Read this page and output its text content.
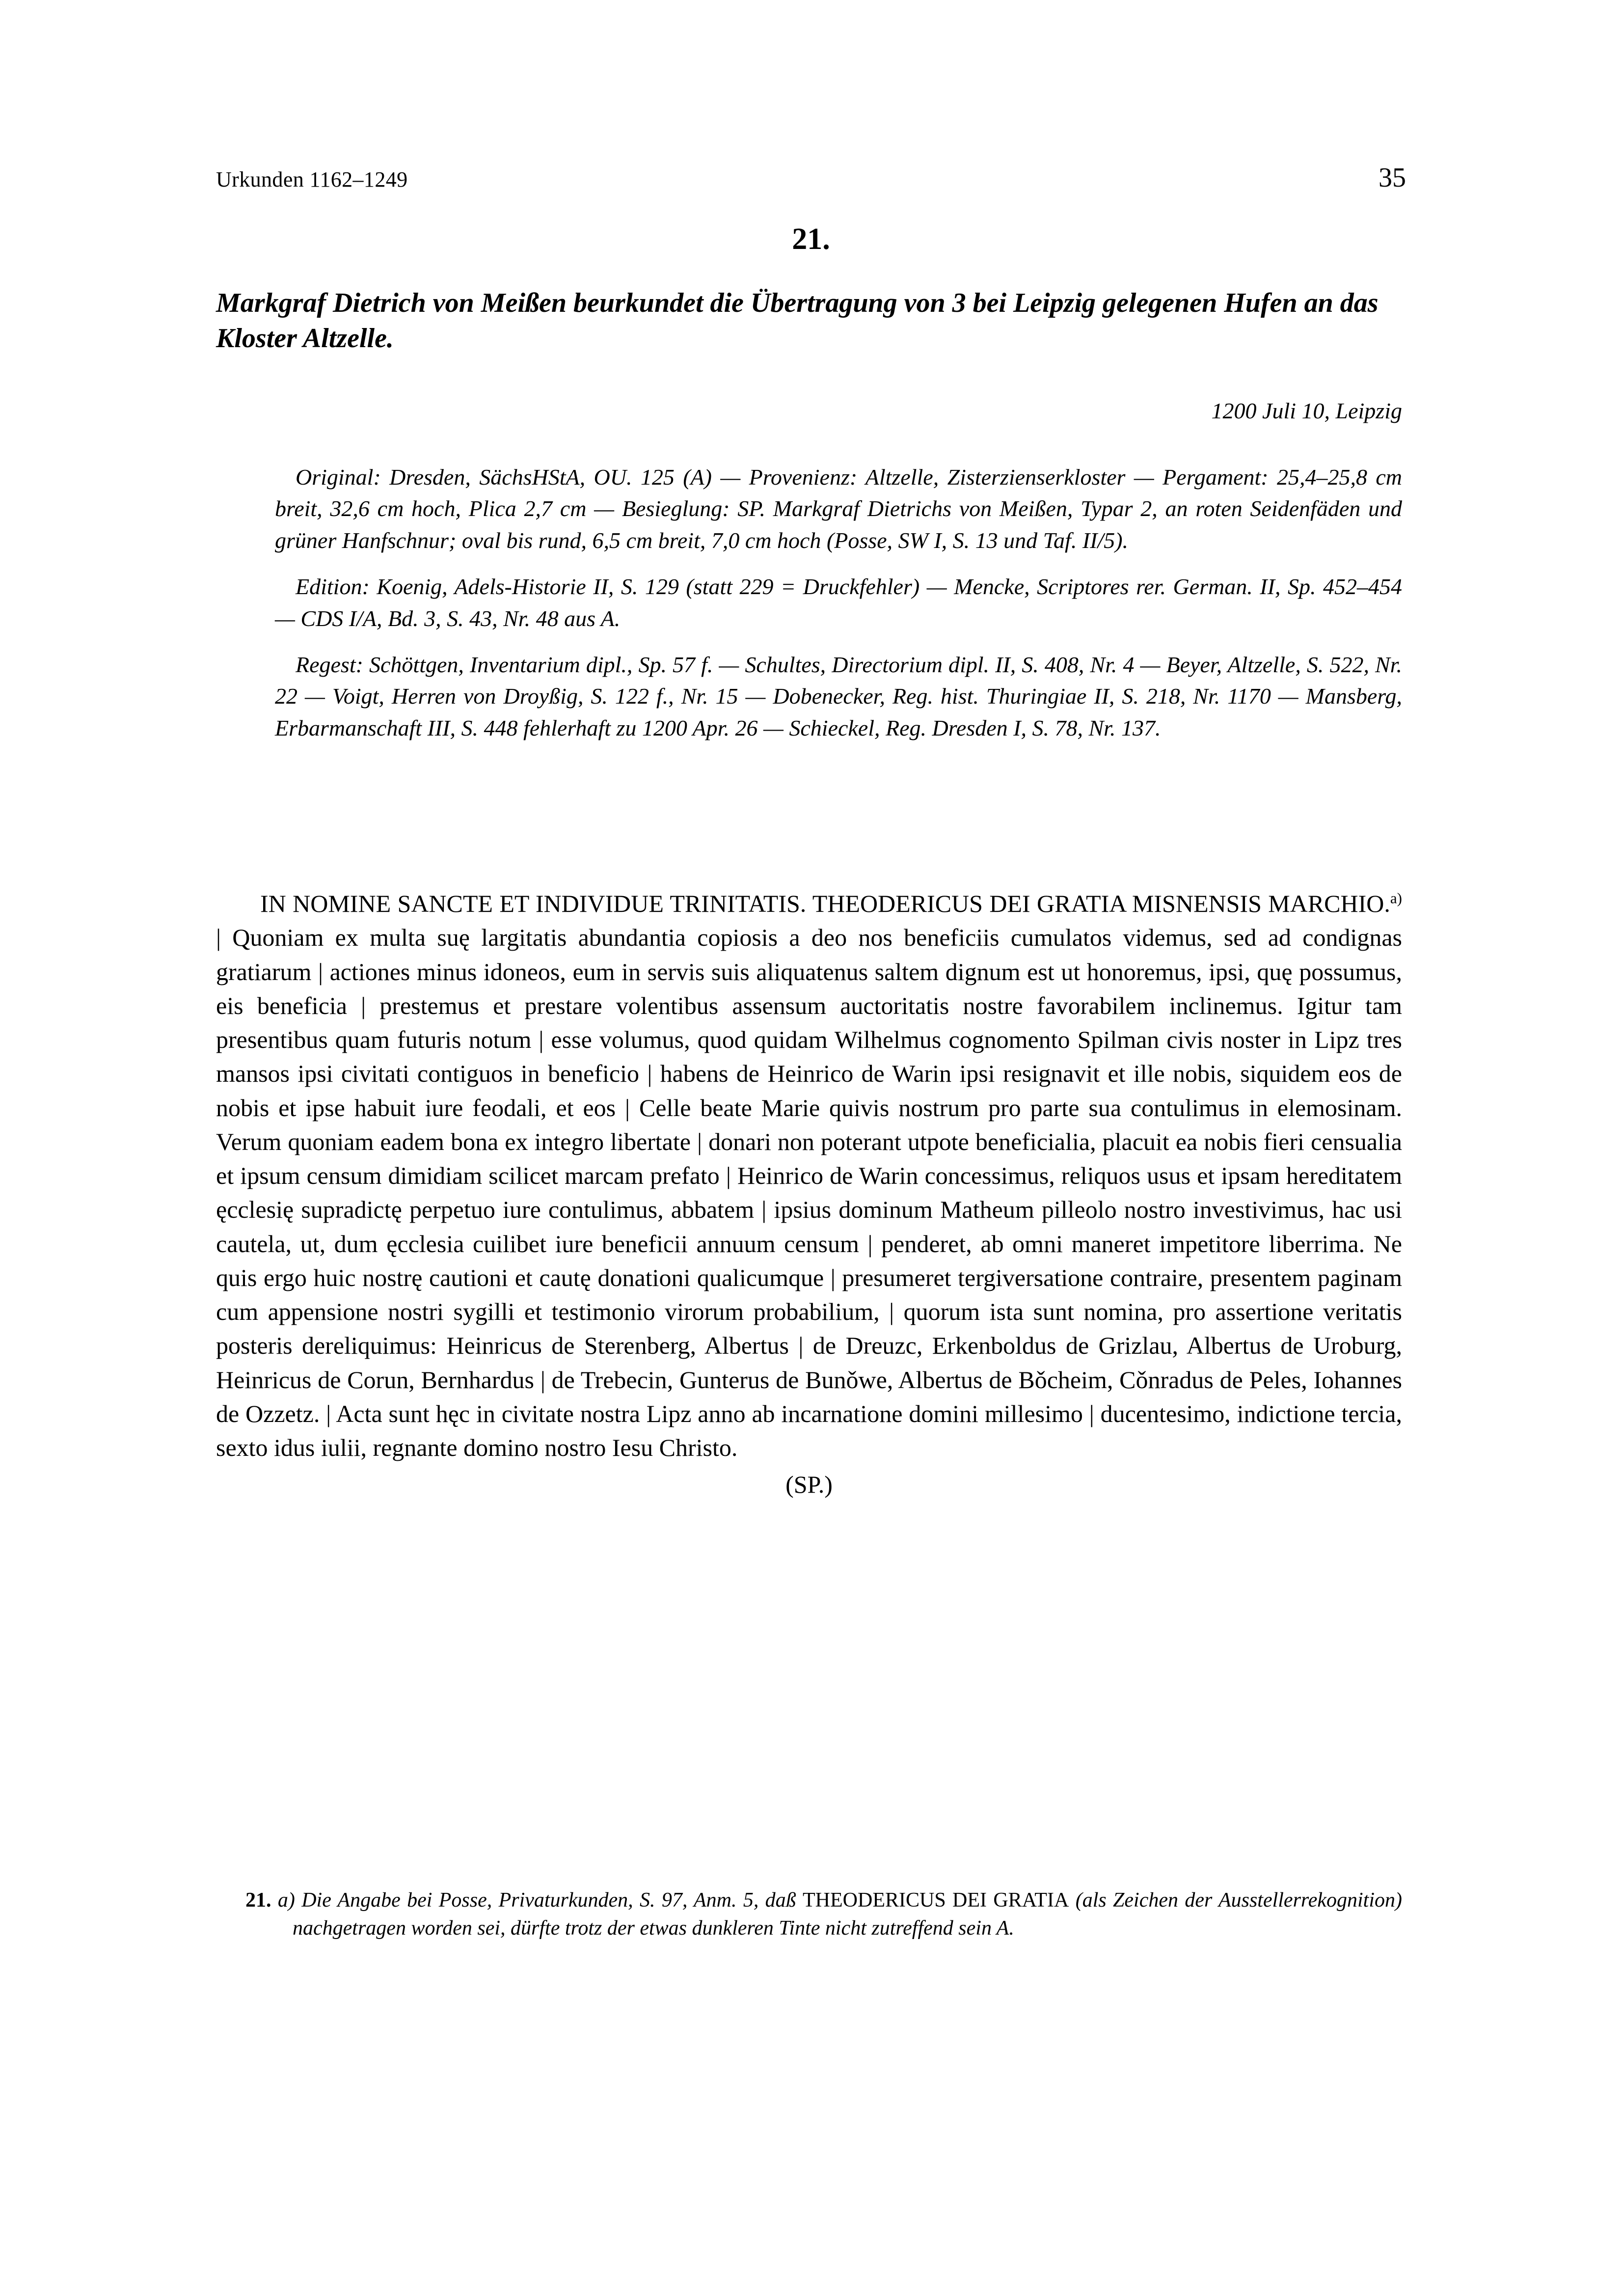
Urkunden 1162–1249	35
21.
Markgraf Dietrich von Meißen beurkundet die Übertragung von 3 bei Leipzig gelegenen Hufen an das Kloster Altzelle.
1200 Juli 10, Leipzig

Original: Dresden, SächsHStA, OU. 125 (A) — Provenienz: Altzelle, Zisterzienserkloster — Pergament: 25,4–25,8 cm breit, 32,6 cm hoch, Plica 2,7 cm — Besieglung: SP. Markgraf Dietrichs von Meißen, Typar 2, an roten Seidenfäden und grüner Hanfschnur; oval bis rund, 6,5 cm breit, 7,0 cm hoch (Posse, SW I, S. 13 und Taf. II/5).

Edition: Koenig, Adels-Historie II, S. 129 (statt 229 = Druckfehler) — Mencke, Scriptores rer. German. II, Sp. 452–454 — CDS I/A, Bd. 3, S. 43, Nr. 48 aus A.

Regest: Schöttgen, Inventarium dipl., Sp. 57 f. — Schultes, Directorium dipl. II, S. 408, Nr. 4 — Beyer, Altzelle, S. 522, Nr. 22 — Voigt, Herren von Droyßig, S. 122 f., Nr. 15 — Dobenecker, Reg. hist. Thuringiae II, S. 218, Nr. 1170 — Mansberg, Erbarmanschaft III, S. 448 fehlerhaft zu 1200 Apr. 26 — Schieckel, Reg. Dresden I, S. 78, Nr. 137.

IN NOMINE SANCTE ET INDIVIDUE TRINITATIS. THEODERICUS DEI GRATIA MISNENSIS MARCHIO.$^{a)}$ | Quoniam ex multa suę largitatis abundantia copiosis a deo nos beneficiis cumulatos videmus, sed ad condignas gratiarum | actiones minus idoneos, eum in servis suis aliquatenus saltem dignum est ut honoremus, ipsi, quę possumus, eis beneficia | prestemus et prestare volentibus assensum auctoritatis nostre favorabilem inclinemus. Igitur tam presentibus quam futuris notum | esse volumus, quod quidam Wilhelmus cognomento Spilman civis noster in Lipz tres mansos ipsi civitati contiguos in beneficio | habens de Heinrico de Warin ipsi resignavit et ille nobis, siquidem eos de nobis et ipse habuit iure feodali, et eos | Celle beate Marie quivis nostrum pro parte sua contulimus in elemosinam. Verum quoniam eadem bona ex integro libertate | donari non poterant utpote beneficialia, placuit ea nobis fieri censualia et ipsum censum dimidiam scilicet marcam prefato | Heinrico de Warin concessimus, reliquos usus et ipsam hereditatem ęcclesię supradictę perpetuo iure contulimus, abbatem | ipsius dominum Matheum pilleolo nostro investivimus, hac usi cautela, ut, dum ęcclesia cuilibet iure beneficii annuum censum | penderet, ab omni maneret impetitore liberrima. Ne quis ergo huic nostrę cautioni et cautę donationi qualicumque | presumeret tergiversatione contraire, presentem paginam cum appensione nostri sygilli et testimonio virorum probabilium, | quorum ista sunt nomina, pro assertione veritatis posteris dereliquimus: Heinricus de Sterenberg, Albertus | de Dreuzc, Erkenboldus de Grizlau, Albertus de Uroburg, Heinricus de Corun, Bernhardus | de Trebecin, Gunterus de Bunǒwe, Albertus de Bǒcheim, Cǒnradus de Peles, Iohannes de Ozzetz. | Acta sunt hęc in civitate nostra Lipz anno ab incarnatione domini millesimo | ducentesimo, indictione tercia, sexto idus iulii, regnante domino nostro Iesu Christo.
(SP.)

21. a) Die Angabe bei Posse, Privaturkunden, S. 97, Anm. 5, daß THEODERICUS DEI GRATIA (als Zeichen der Ausstellerrekognition) nachgetragen worden sei, dürfte trotz der etwas dunkleren Tinte nicht zutreffend sein A.
